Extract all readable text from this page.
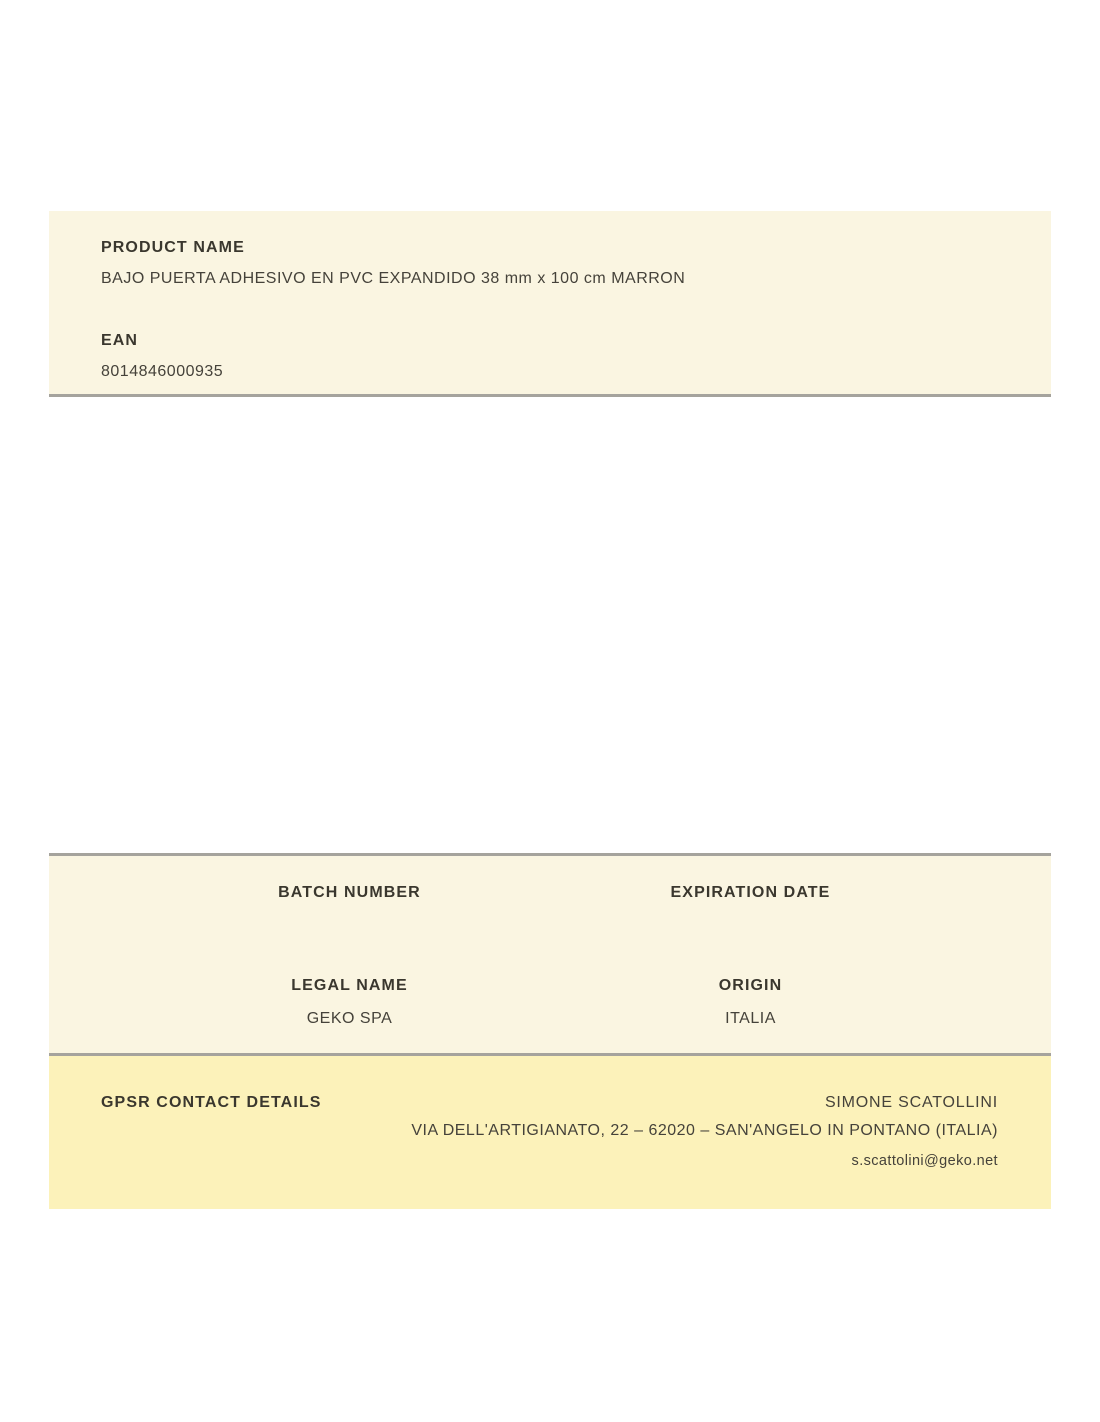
PRODUCT NAME
BAJO PUERTA ADHESIVO EN PVC EXPANDIDO 38 mm x 100 cm MARRON
EAN
8014846000935
BATCH NUMBER	EXPIRATION DATE
LEGAL NAME
GEKO SPA
ORIGIN
ITALIA
GPSR CONTACT DETAILS	SIMONE SCATOLLINI
VIA DELL'ARTIGIANATO, 22 – 62020 – SAN'ANGELO IN PONTANO (ITALIA)
s.scattolini@geko.net
